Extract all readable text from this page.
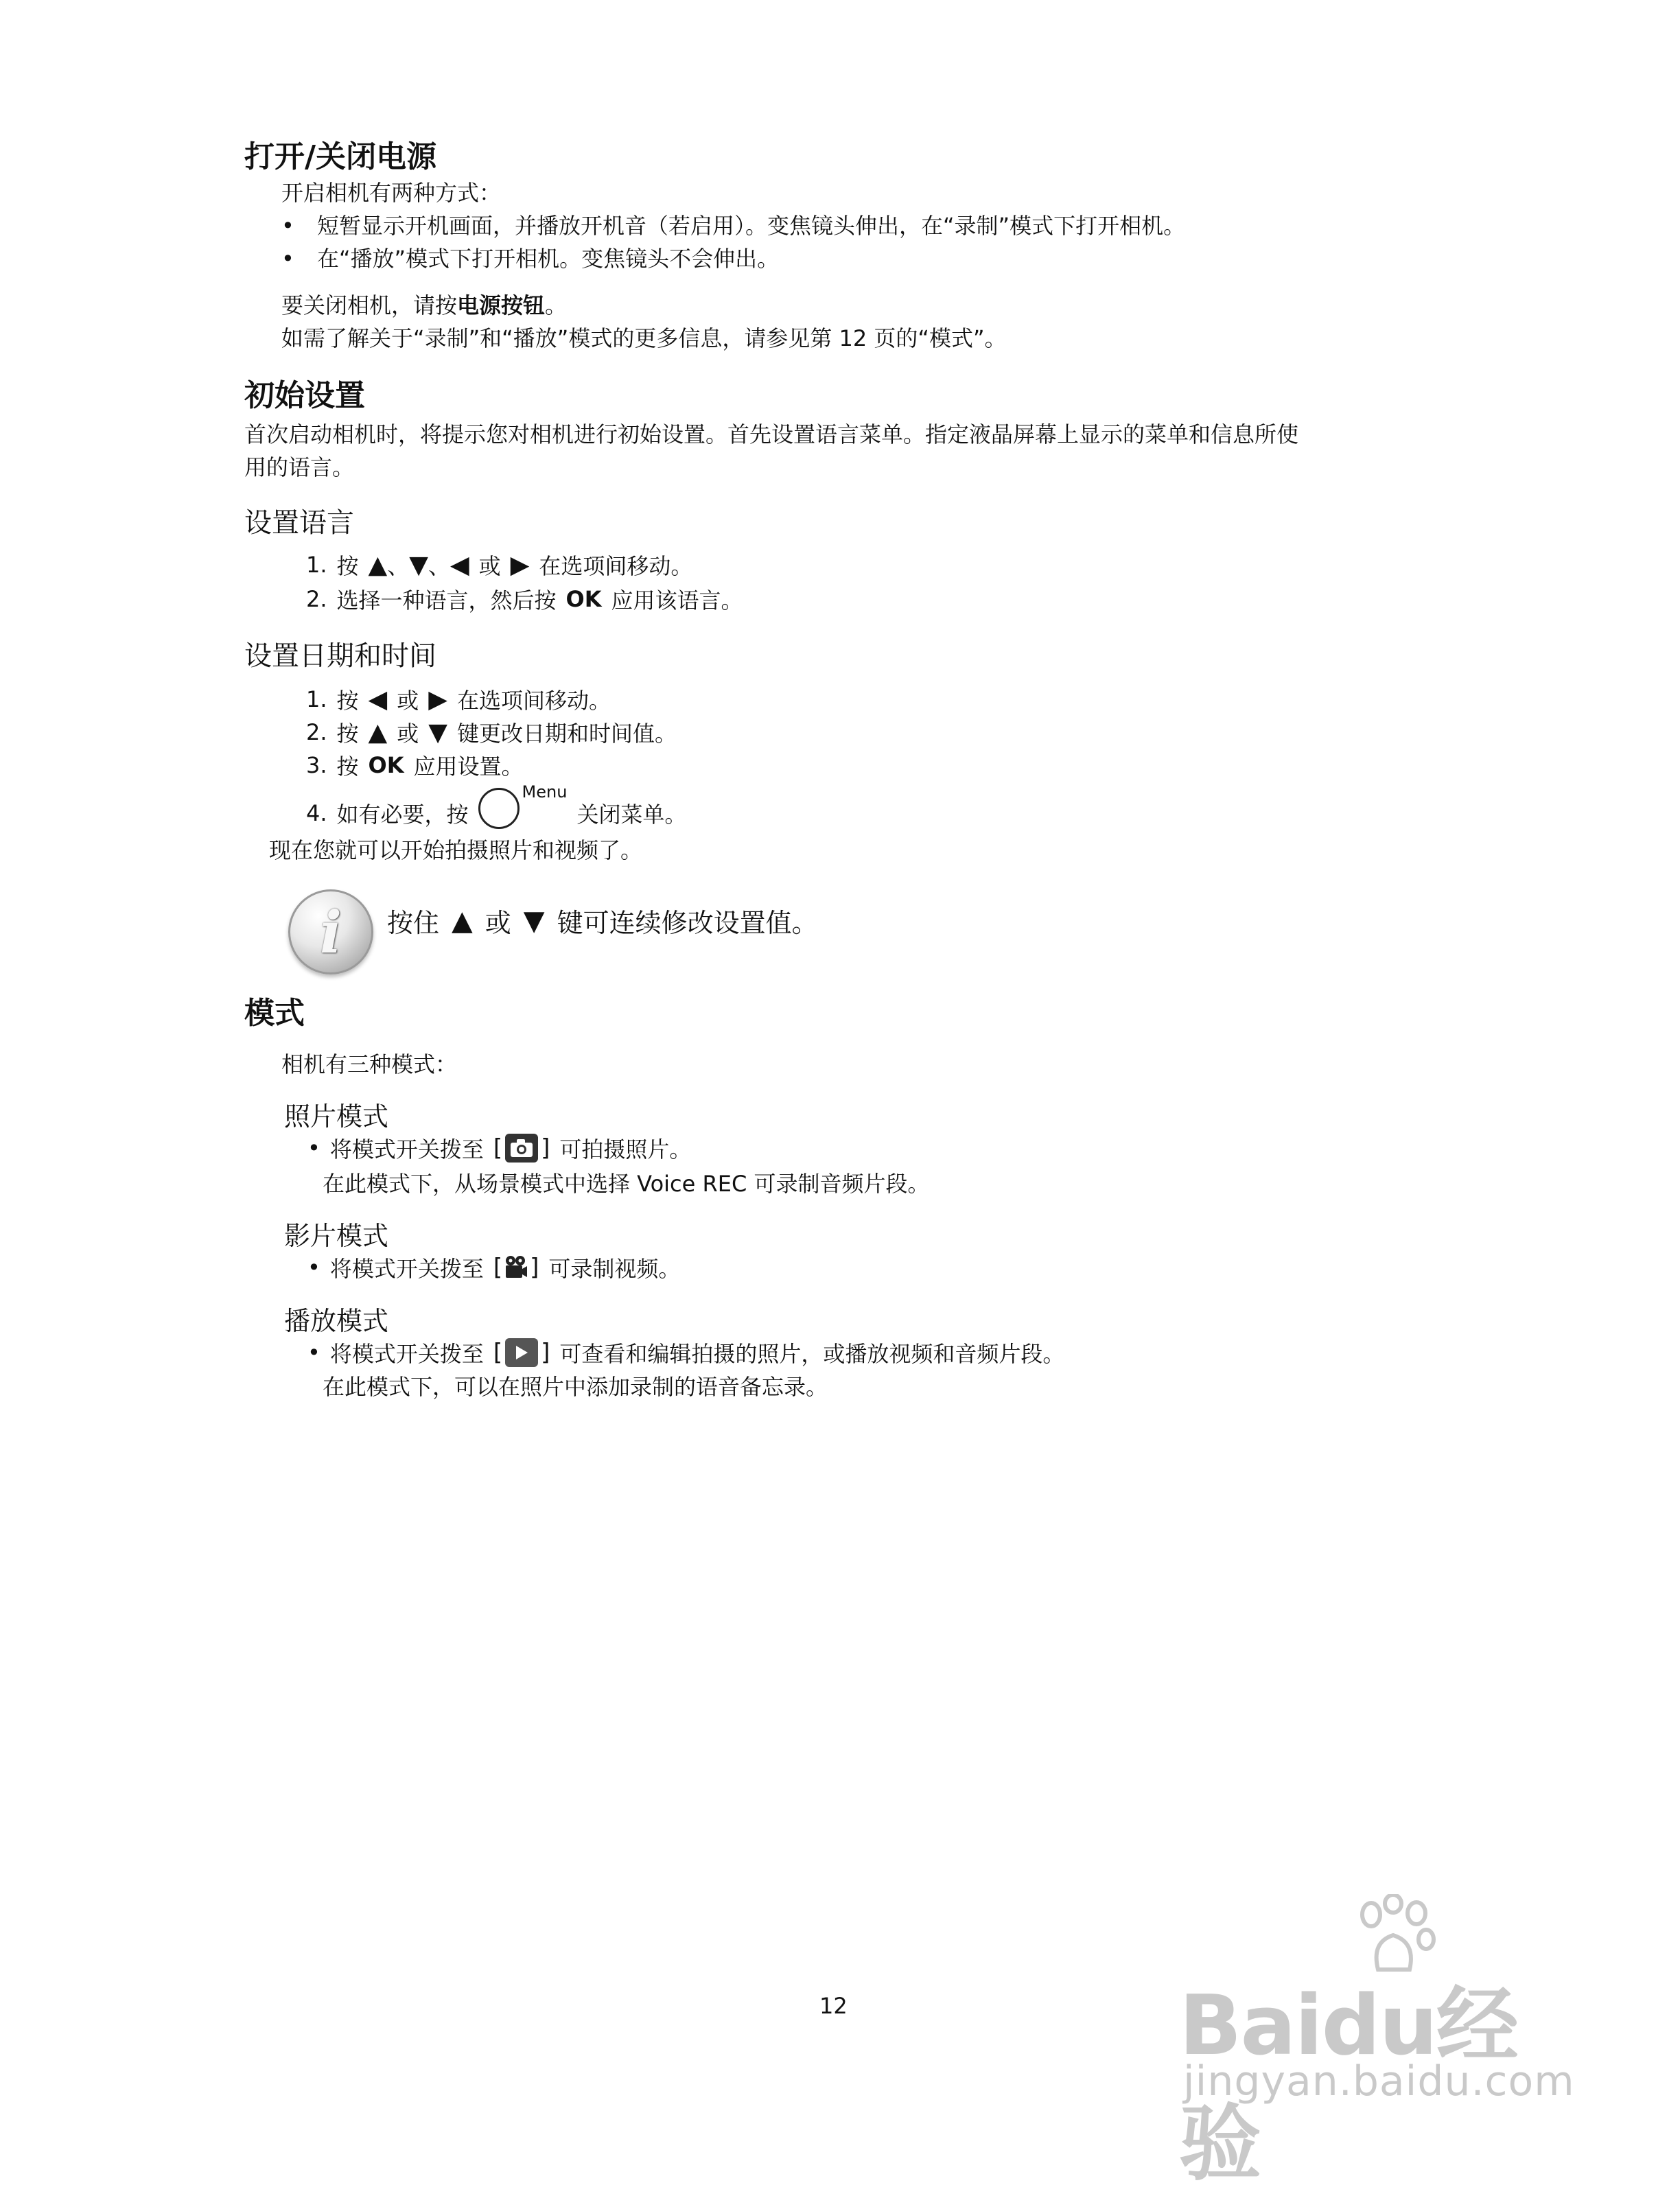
打开/关闭电源
开启相机有两种方式：
• 短暂显示开机画面，并播放开机音（若启用）。变焦镜头伸出，在“录制”模式下打开相机。
• 在“播放”模式下打开相机。变焦镜头不会伸出。
要关闭相机，请按电源按钮。
如需了解关于“录制”和“播放”模式的更多信息，请参见第 12 页的“模式”。
初始设置
首次启动相机时，将提示您对相机进行初始设置。首先设置语言菜单。指定液晶屏幕上显示的菜单和信息所使
用的语言。
设置语言
1. 按 ▲ 、 ▼ 、 ◀ 或 ▶ 在选项间移动。
2. 选择一种语言，然后按 OK 应用该语言。
设置日期和时间
1. 按 ◀ 或 ▶ 在选项间移动。
2. 按 ▲ 或 ▼ 键更改日期和时间值。
3. 按 OK 应用设置。
4. 如有必要，按
Menu
关闭菜单。
现在您就可以开始拍摄照片和视频了。
i 按住 ▲ 或 ▼ 键可连续修改设置值。
模式
相机有三种模式：
照片模式
• 将模式开关拨至 [ ] 可拍摄照片。
在此模式下，从场景模式中选择 Voice REC 可录制音频片段。
影片模式
• 将模式开关拨至 [ ] 可录制视频。
播放模式
• 将模式开关拨至 [ ] 可查看和编辑拍摄的照片，或播放视频和音频片段。
在此模式下，可以在照片中添加录制的语音备忘录。
12	Baidu经验
jingyan.baidu.com
